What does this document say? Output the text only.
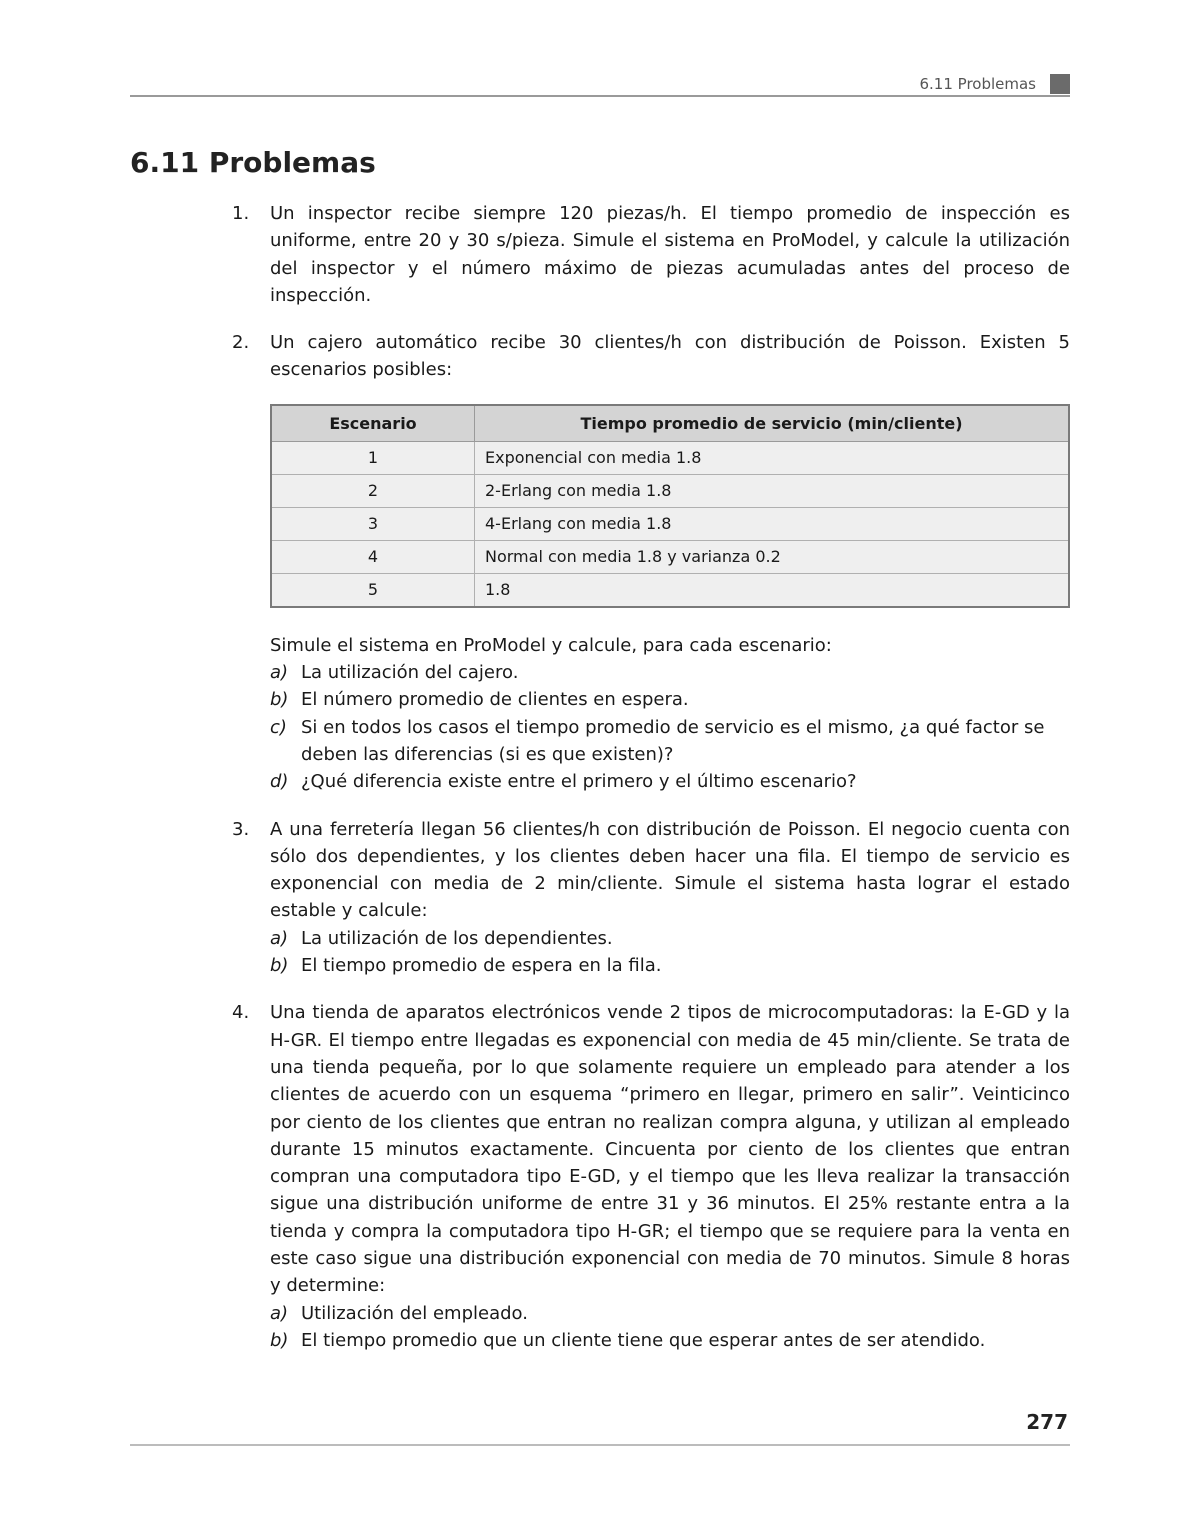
6.11 Problemas
6.11 Problemas
1.	Un inspector recibe siempre 120 piezas/h. El tiempo promedio de inspección es uniforme, entre 20 y 30 s/pieza. Simule el sistema en ProModel, y calcule la utilización del inspector y el número máximo de piezas acumuladas antes del proceso de inspección.

2.	Un cajero automático recibe 30 clientes/h con distribución de Poisson. Existen 5 escenarios posibles:

Escenario	Tiempo promedio de servicio (min/cliente)
1	Exponencial con media 1.8
2	2-Erlang con media 1.8
3	4-Erlang con media 1.8
4	Normal con media 1.8 y varianza 0.2
5	1.8

Simule el sistema en ProModel y calcule, para cada escenario:

a) La utilización del cajero.
b) El número promedio de clientes en espera.
c) Si en todos los casos el tiempo promedio de servicio es el mismo, ¿a qué factor se deben las diferencias (si es que existen)?
d) ¿Qué diferencia existe entre el primero y el último escenario?
3.	A una ferretería llegan 56 clientes/h con distribución de Poisson. El negocio cuenta con sólo dos dependientes, y los clientes deben hacer una fila. El tiempo de servicio es exponencial con media de 2 min/cliente. Simule el sistema hasta lograr el estado estable y calcule:

a) La utilización de los dependientes.
b) El tiempo promedio de espera en la fila.
4.	Una tienda de aparatos electrónicos vende 2 tipos de microcomputadoras: la E-GD y la H-GR. El tiempo entre llegadas es exponencial con media de 45 min/cliente. Se trata de una tienda pequeña, por lo que solamente requiere un empleado para atender a los clientes de acuerdo con un esquema “primero en llegar, primero en salir”. Veinticinco por ciento de los clientes que entran no realizan compra alguna, y utilizan al empleado durante 15 minutos exactamente. Cincuenta por ciento de los clientes que entran compran una computadora tipo E-GD, y el tiempo que les lleva realizar la transacción sigue una distribución uniforme de entre 31 y 36 minutos. El 25% restante entra a la tienda y compra la computadora tipo H-GR; el tiempo que se requiere para la venta en este caso sigue una distribución exponencial con media de 70 minutos. Simule 8 horas y determine:

a) Utilización del empleado.
b) El tiempo promedio que un cliente tiene que esperar antes de ser atendido.
277
